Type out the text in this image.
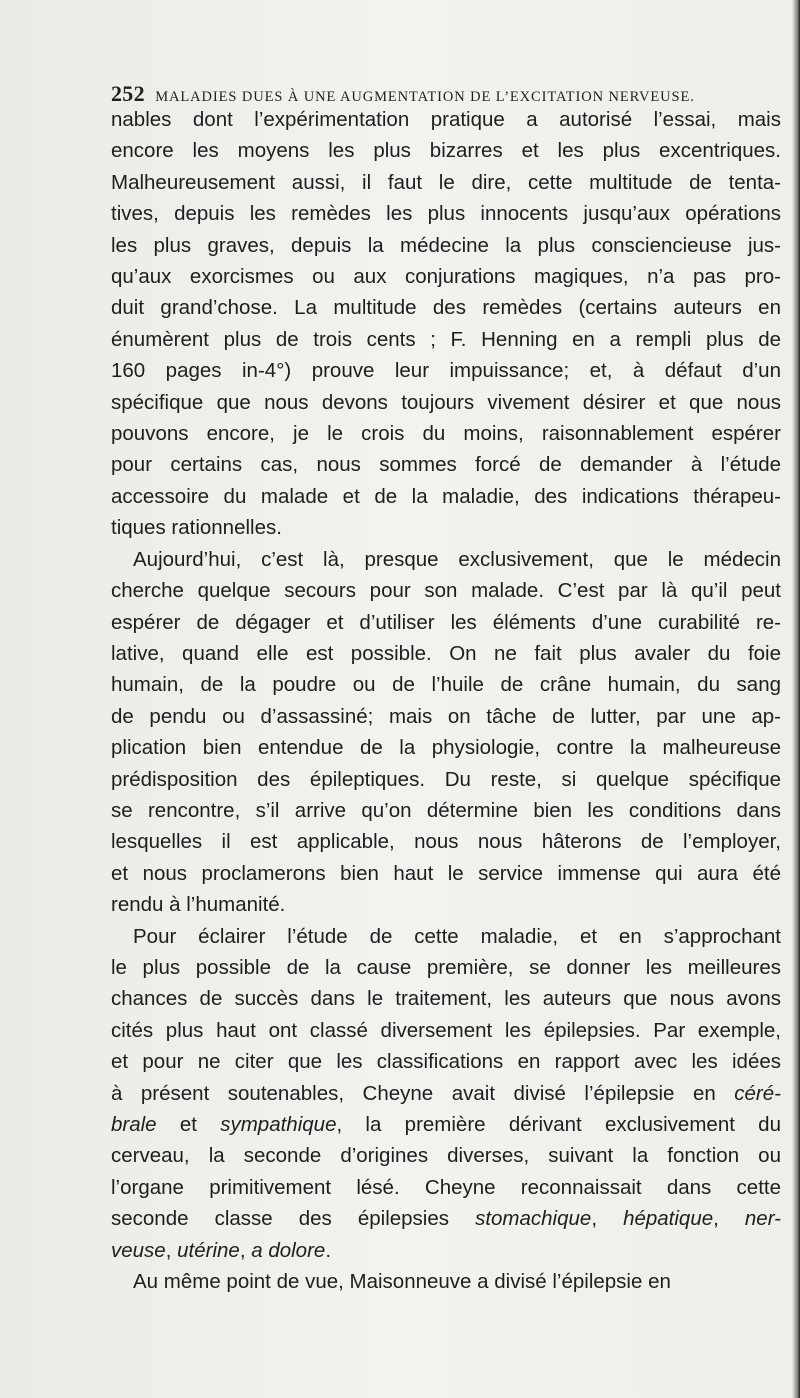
252 MALADIES DUES À UNE AUGMENTATION DE L’EXCITATION NERVEUSE.
nables dont l’expérimentation pratique a autorisé l’essai, mais
encore les moyens les plus bizarres et les plus excentriques.
Malheureusement aussi, il faut le dire, cette multitude de tenta-
tives, depuis les remèdes les plus innocents jusqu’aux opérations
les plus graves, depuis la médecine la plus consciencieuse jus-
qu’aux exorcismes ou aux conjurations magiques, n’a pas pro-
duit grand’chose. La multitude des remèdes (certains auteurs en
énumèrent plus de trois cents ; F. Henning en a rempli plus de
160 pages in-4°) prouve leur impuissance; et, à défaut d’un
spécifique que nous devons toujours vivement désirer et que nous
pouvons encore, je le crois du moins, raisonnablement espérer
pour certains cas, nous sommes forcé de demander à l’étude
accessoire du malade et de la maladie, des indications thérapeu-
tiques rationnelles.
Aujourd’hui, c’est là, presque exclusivement, que le médecin
cherche quelque secours pour son malade. C’est par là qu’il peut
espérer de dégager et d’utiliser les éléments d’une curabilité re-
lative, quand elle est possible. On ne fait plus avaler du foie
humain, de la poudre ou de l’huile de crâne humain, du sang
de pendu ou d’assassiné; mais on tâche de lutter, par une ap-
plication bien entendue de la physiologie, contre la malheureuse
prédisposition des épileptiques. Du reste, si quelque spécifique
se rencontre, s’il arrive qu’on détermine bien les conditions dans
lesquelles il est applicable, nous nous hâterons de l’employer,
et nous proclamerons bien haut le service immense qui aura été
rendu à l’humanité.
Pour éclairer l’étude de cette maladie, et en s’approchant
le plus possible de la cause première, se donner les meilleures
chances de succès dans le traitement, les auteurs que nous avons
cités plus haut ont classé diversement les épilepsies. Par exemple,
et pour ne citer que les classifications en rapport avec les idées
à présent soutenables, Cheyne avait divisé l’épilepsie en céré-
brale et sympathique, la première dérivant exclusivement du
cerveau, la seconde d’origines diverses, suivant la fonction ou
l’organe primitivement lésé. Cheyne reconnaissait dans cette
seconde classe des épilepsies stomachique, hépatique, ner-
veuse, utérine, a dolore.
Au même point de vue, Maisonneuve a divisé l’épilepsie en
